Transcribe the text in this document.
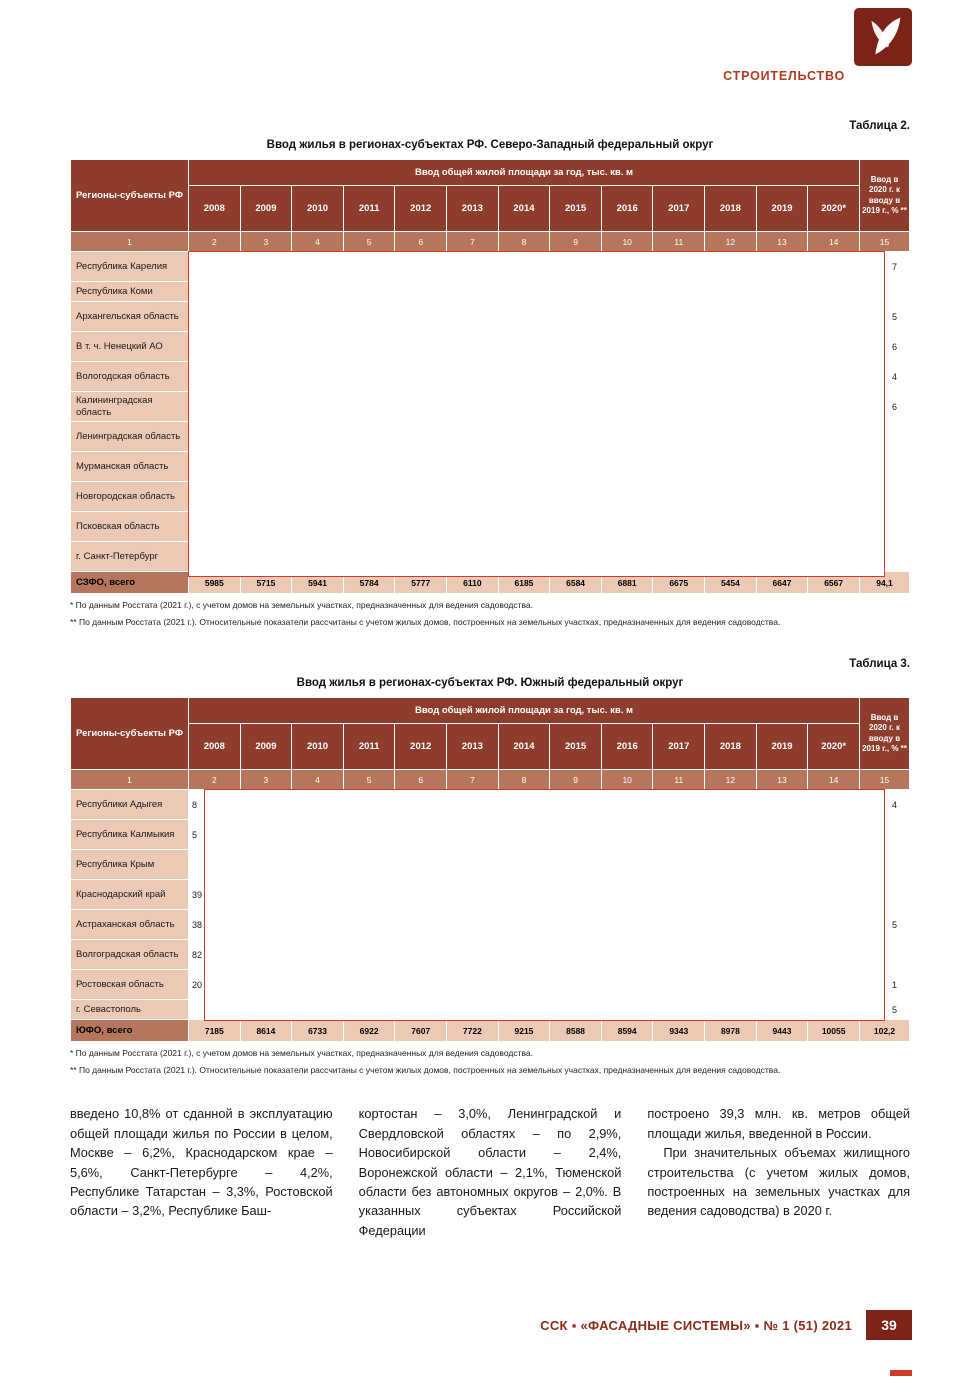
СТРОИТЕЛЬСТВО
Таблица 2.
Ввод жилья в регионах-субъектах РФ. Северо-Западный федеральный округ
Регионы-субъекты РФ	Ввод общей жилой площади за год, тыс. кв. м													Ввод в 2020 г. к вводу в 2019 г., % **
	2008	2009	2010	2011	2012	2013	2014	2015	2016	2017	2018	2019	2020*	
1	2	3	4	5	6	7	8	9	10	11	12	13	14	15
Республика Карелия														7
Республика Коми														
Архангельская область														5
В т. ч. Ненецкий АО														6
Вологодская область														4
Калининградская область														6
Ленинградская область														
Мурманская область														
Новгородская область														
Псковская область														
г. Санкт-Петербург														
СЗФО, всего	5985	5715	5941	5784	5777	6110	6185	6584	6881	6675	5454	6647	6567	94,1
* По данным Росстата (2021 г.), с учетом домов на земельных участках, предназначенных для ведения садоводства.
** По данным Росстата (2021 г.). Относительные показатели рассчитаны с учетом жилых домов, построенных на земельных участках, предназначенных для ведения садоводства.
Таблица 3.
Ввод жилья в регионах-субъектах РФ. Южный федеральный округ
Регионы-субъекты РФ	Ввод общей жилой площади за год, тыс. кв. м													Ввод в 2020 г. к вводу в 2019 г., % **
	2008	2009	2010	2011	2012	2013	2014	2015	2016	2017	2018	2019	2020*	
1	2	3	4	5	6	7	8	9	10	11	12	13	14	15
Республики Адыгея	8													4
Республика Калмыкия	5													
Республика Крым														
Краснодарский край	39													
Астраханская область	38													5
Волгоградская область	82													
Ростовская область	20													1
г. Севастополь														5
ЮФО, всего	7185	8614	6733	6922	7607	7722	9215	8588	8594	9343	8978	9443	10055	102,2
* По данным Росстата (2021 г.), с учетом домов на земельных участках, предназначенных для ведения садоводства.
** По данным Росстата (2021 г.). Относительные показатели рассчитаны с учетом жилых домов, построенных на земельных участках, предназначенных для ведения садоводства.
введено 10,8% от сданной в эксплуатацию общей площади жилья по России в целом, Москве – 6,2%, Краснодарском крае – 5,6%, Санкт-Петербурге – 4,2%, Республике Татарстан – 3,3%, Ростовской области – 3,2%, Республике Баш-
кортостан – 3,0%, Ленинградской и Свердловской областях – по 2,9%, Новосибирской области – 2,4%, Воронежской области – 2,1%, Тюменской области без автономных округов – 2,0%. В указанных субъектах Российской Федерации

построено 39,3 млн. кв. метров общей площади жилья, введенной в России.

При значительных объемах жилищного строительства (с учетом жилых домов, построенных на земельных участках для ведения садоводства) в 2020 г.

ССК ▪ «ФАСАДНЫЕ СИСТЕМЫ» ▪ № 1 (51) 2021	39
